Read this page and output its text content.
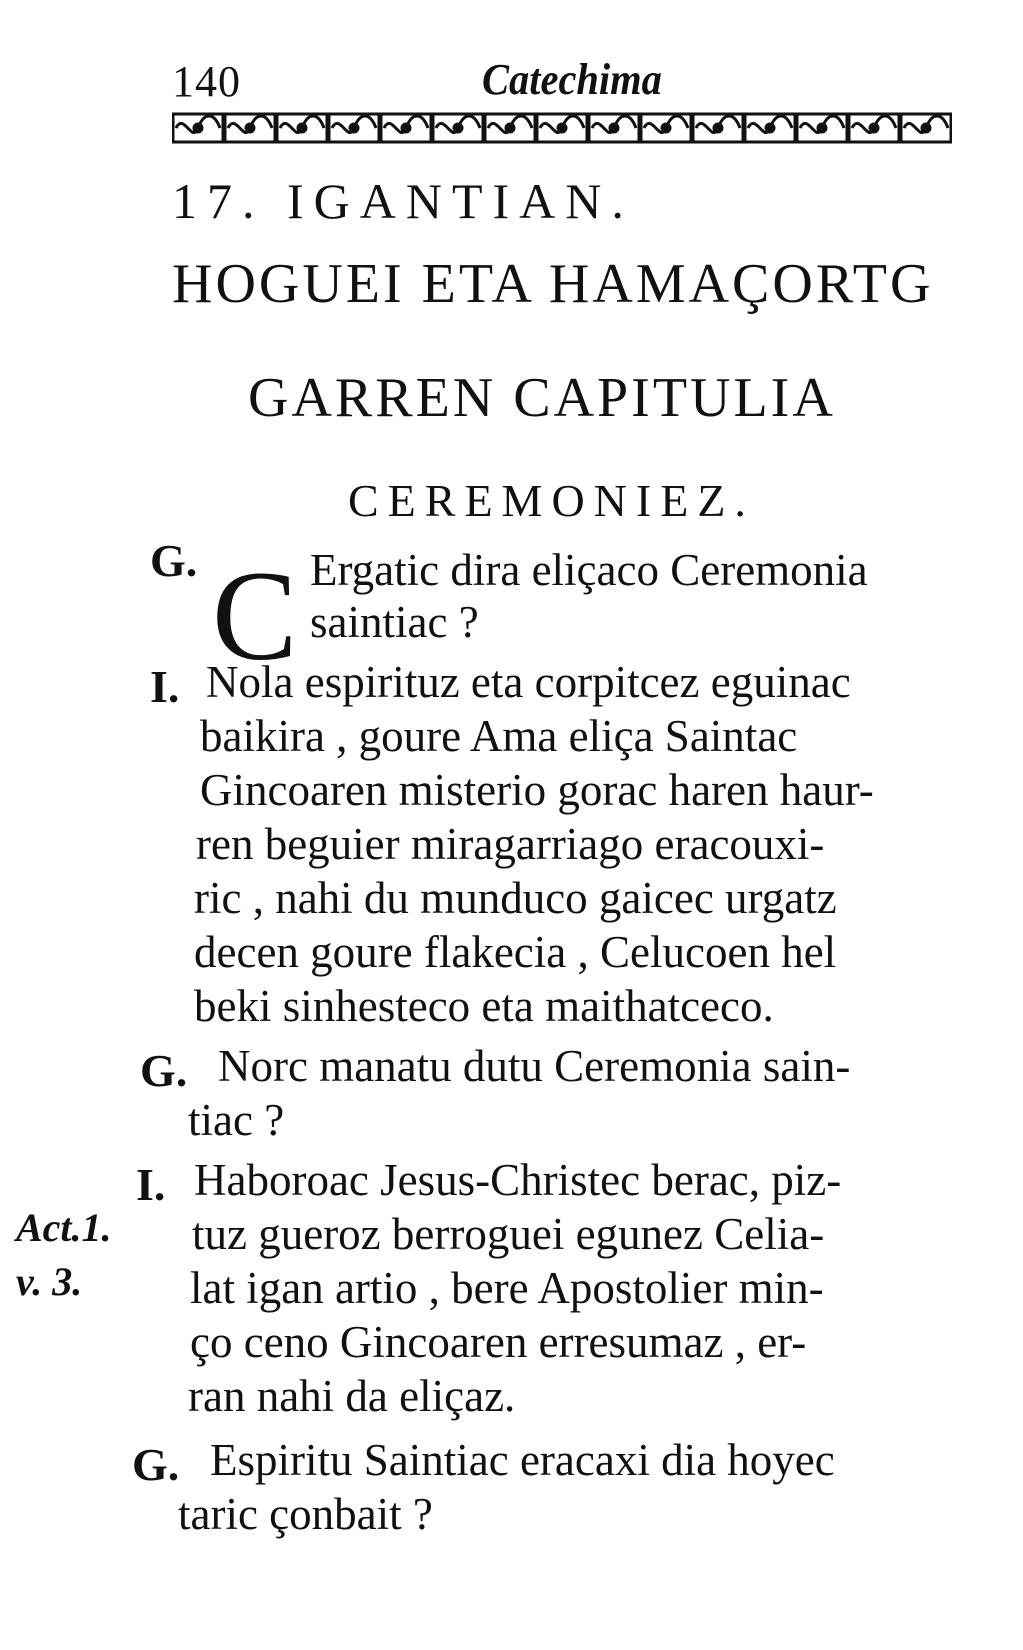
140	Catechima
17. IGANTIAN.
HOGUEI ETA HAMAÇORTG
GARREN CAPITULIA
CEREMONIEZ.
G. C Ergatic dira eliçaco Ceremonia
saintiac ?
I. Nola espirituz eta corpitcez eguinac
baikira , goure Ama eliça Saintac
Gincoaren misterio gorac haren haur-
ren beguier miragarriago eracouxi-
ric , nahi du munduco gaicec urgatz
decen goure flakecia , Celucoen hel
beki sinhesteco eta maithatceco.
G. Norc manatu dutu Ceremonia sain-
tiac ?
I. Haboroac Jesus-Christec berac, piz-
tuz gueroz berroguei egunez Celia-
lat igan artio , bere Apostolier min-
ço ceno Gincoaren erresumaz , er-
ran nahi da eliçaz.
Act.1.
v. 3.
G. Espiritu Saintiac eracaxi dia hoyec
taric çonbait ?
